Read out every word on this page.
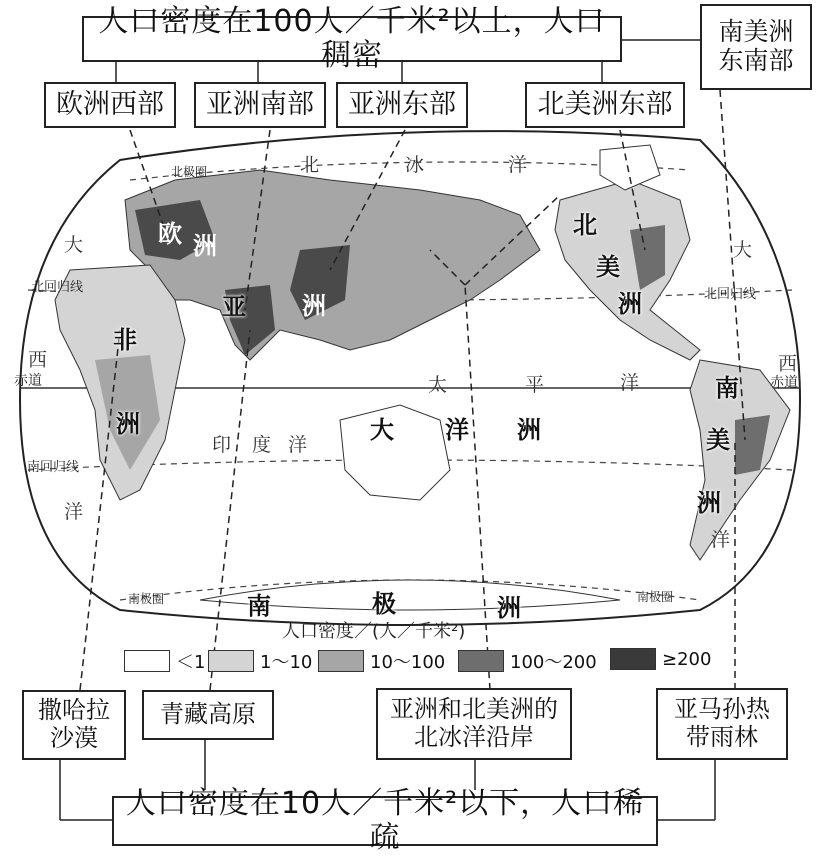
人口密度在100人／千米²以上，人口稠密
南美洲
东南部
欧洲西部 亚洲南部 亚洲东部	北美洲东部
北	冰	洋
欧 洲
亚 洲
非
洲
北
美
洲
南
美
洲
大 洋 洲
南	极	洲
太	平	洋
印 度 洋
大
西
洋
大
西
洋
北回归线	北回归线
赤道	赤道
南回归线
北极圈
南极圈	南极圈
人口密度／(人／千米²)
＜1	1～10	10～100	100～200	≥200
撒哈拉沙漠
青藏高原	亚洲和北美洲的北冰洋沿岸
亚马孙热带雨林
人口密度在10人／千米²以下，人口稀疏
